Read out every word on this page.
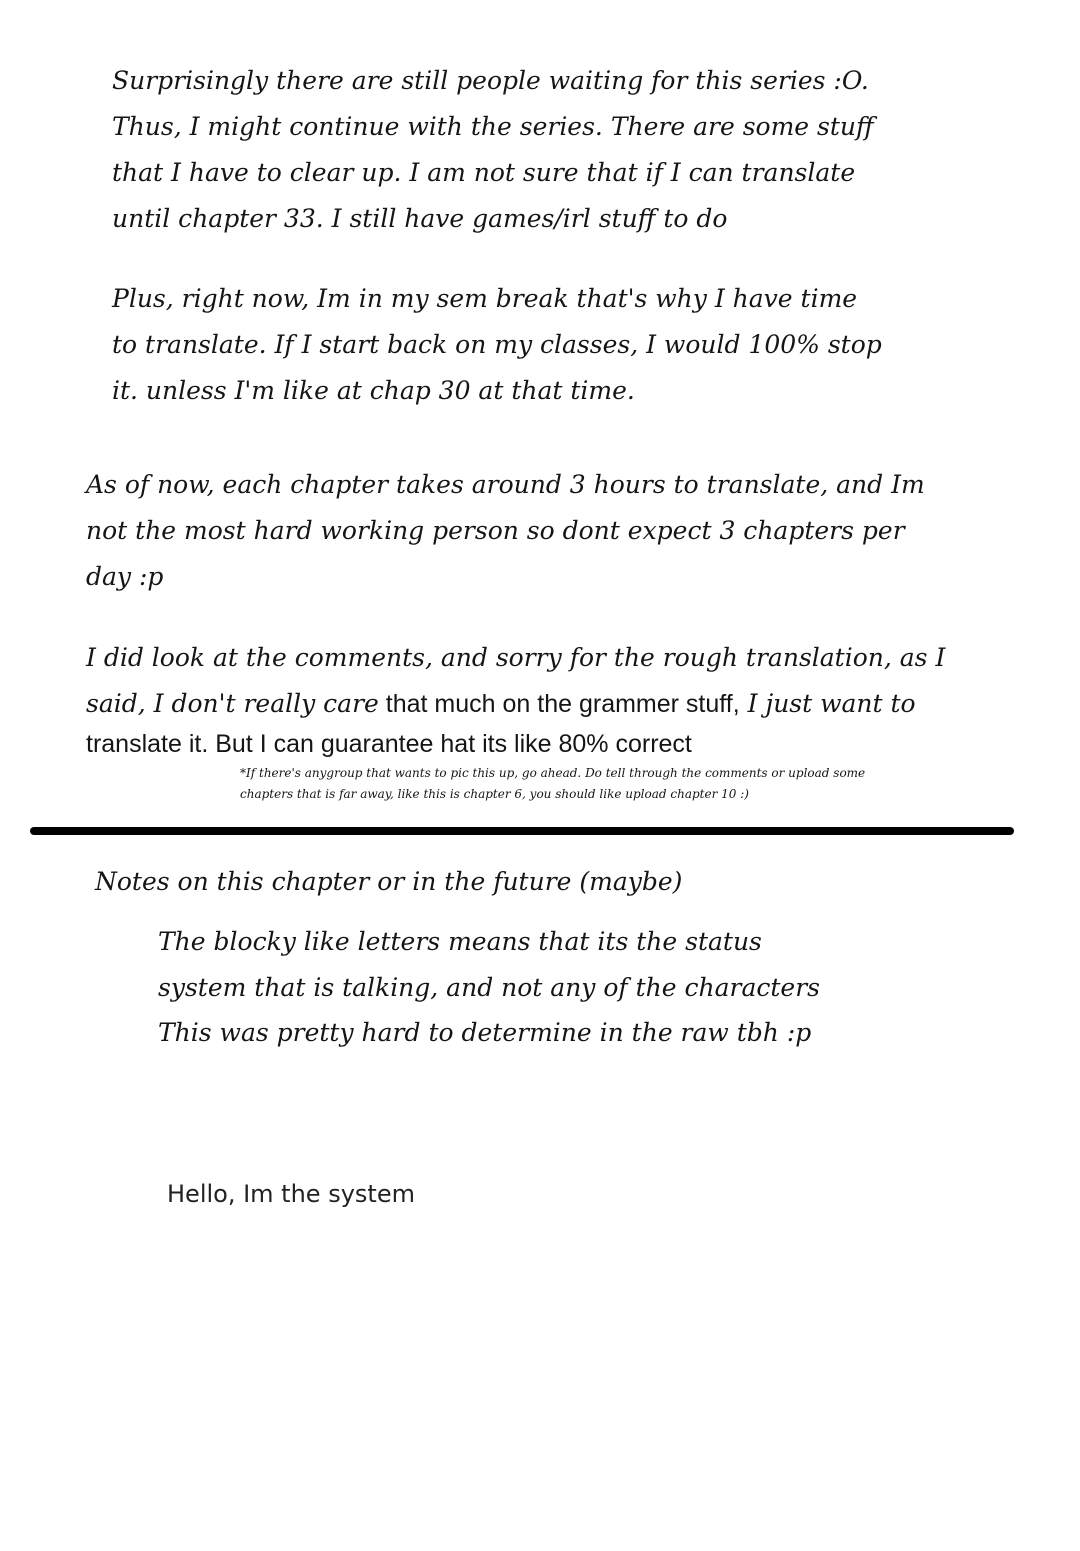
Surprisingly there are still people waiting for this series :O.

Thus, I might continue with the series. There are some stuff

that I have to clear up. I am not sure that if I can translate

until chapter 33. I still have games/irl stuff to do

Plus, right now, Im in my sem break that's why I have time

to translate. If I start back on my classes, I would 100% stop

it. unless I'm like at chap 30 at that time.

As of now, each chapter takes around 3 hours to translate, and Im

not the most hard working person so dont expect 3 chapters per

day :p

I did look at the comments, and sorry for the rough translation, as I

said, I don't really care that much on the grammer stuff, I just want to

translate it. But I can guarantee hat its like 80% correct

*If there's anygroup that wants to pic this up, go ahead. Do tell through the comments or upload some

chapters that is far away, like this is chapter 6, you should like upload chapter 10 :)

Notes on this chapter or in the future (maybe)

The blocky like letters means that its the status

system that is talking, and not any of the characters

This was pretty hard to determine in the raw tbh :p

Hello, Im the system
